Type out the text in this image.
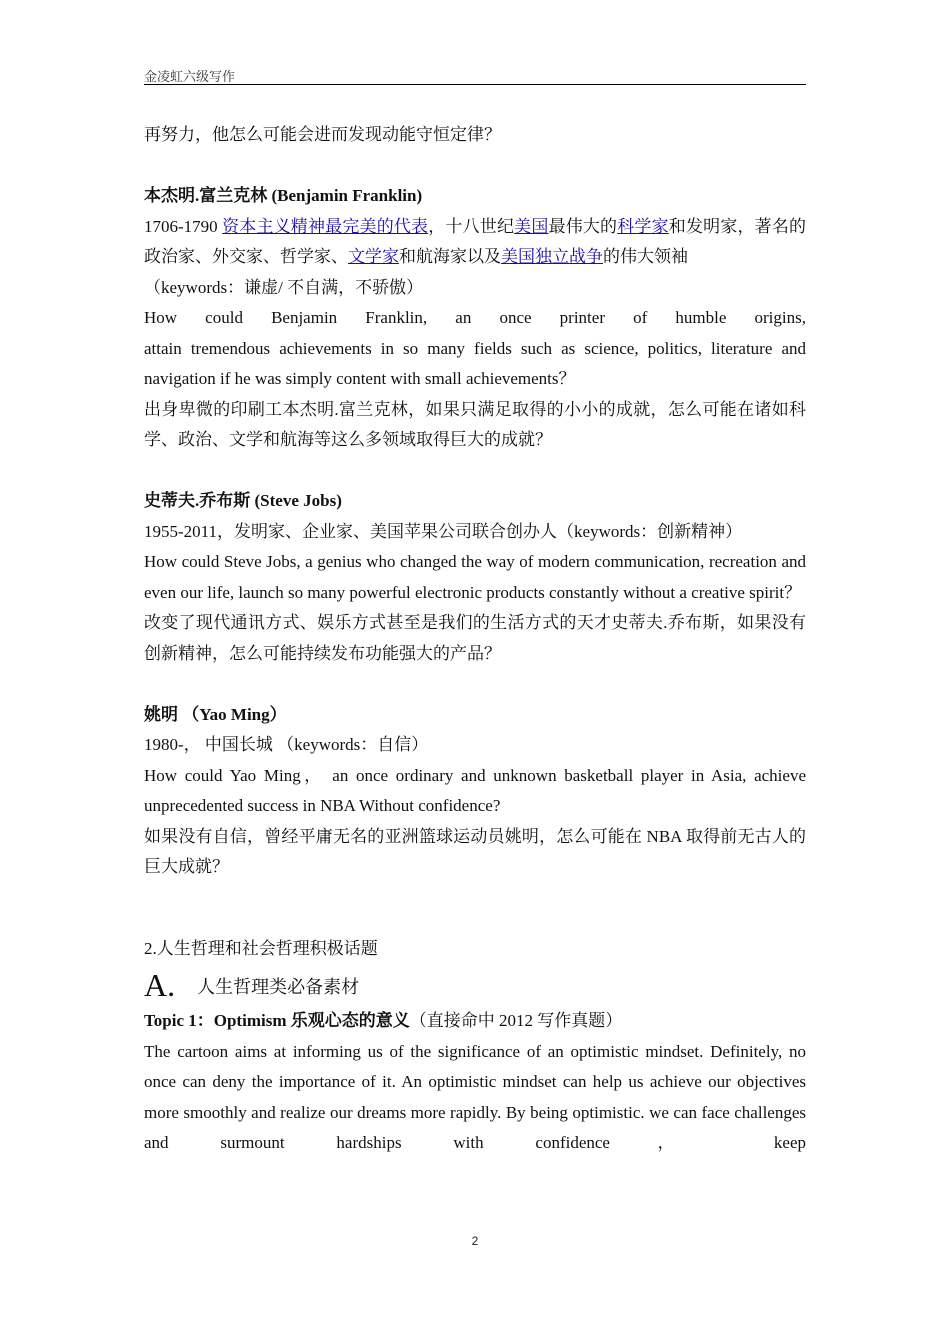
金凌虹六级写作

再努力，他怎么可能会进而发现动能守恒定律？

本杰明.富兰克林 (Benjamin Franklin)

1706-1790 资本主义精神最完美的代表，十八世纪美国最伟大的科学家和发明家，著名的政治家、外交家、哲学家、文学家和航海家以及美国独立战争的伟大领袖

（keywords：谦虚/ 不自满，不骄傲）

How could Benjamin Franklin, an once printer of humble origins,

attain tremendous achievements in so many fields such as science, politics, literature and navigation if he was simply content with small achievements？

出身卑微的印刷工本杰明.富兰克林，如果只满足取得的小小的成就，怎么可能在诸如科学、政治、文学和航海等这么多领域取得巨大的成就？

史蒂夫.乔布斯 (Steve Jobs)

1955-2011，发明家、企业家、美国苹果公司联合创办人（keywords：创新精神）

How could Steve Jobs, a genius who changed the way of modern communication, recreation and even our life, launch so many powerful electronic products constantly without a creative spirit？

改变了现代通讯方式、娱乐方式甚至是我们的生活方式的天才史蒂夫.乔布斯，如果没有创新精神，怎么可能持续发布功能强大的产品？

姚明 （Yao Ming）

1980-， 中国长城 （keywords：自信）

How could Yao Ming， an once ordinary and unknown basketball player in Asia, achieve unprecedented success in NBA Without confidence?

如果没有自信，曾经平庸无名的亚洲篮球运动员姚明，怎么可能在 NBA 取得前无古人的巨大成就？

2.人生哲理和社会哲理积极话题

A. 人生哲理类必备素材

Topic 1：Optimism 乐观心态的意义（直接命中 2012 写作真题）

The cartoon aims at informing us of the significance of an optimistic mindset. Definitely, no once can deny the importance of it. An optimistic mindset can help us achieve our objectives more smoothly and realize our dreams more rapidly. By being optimistic. we can face challenges and surmount hardships with confidence， keep

2
